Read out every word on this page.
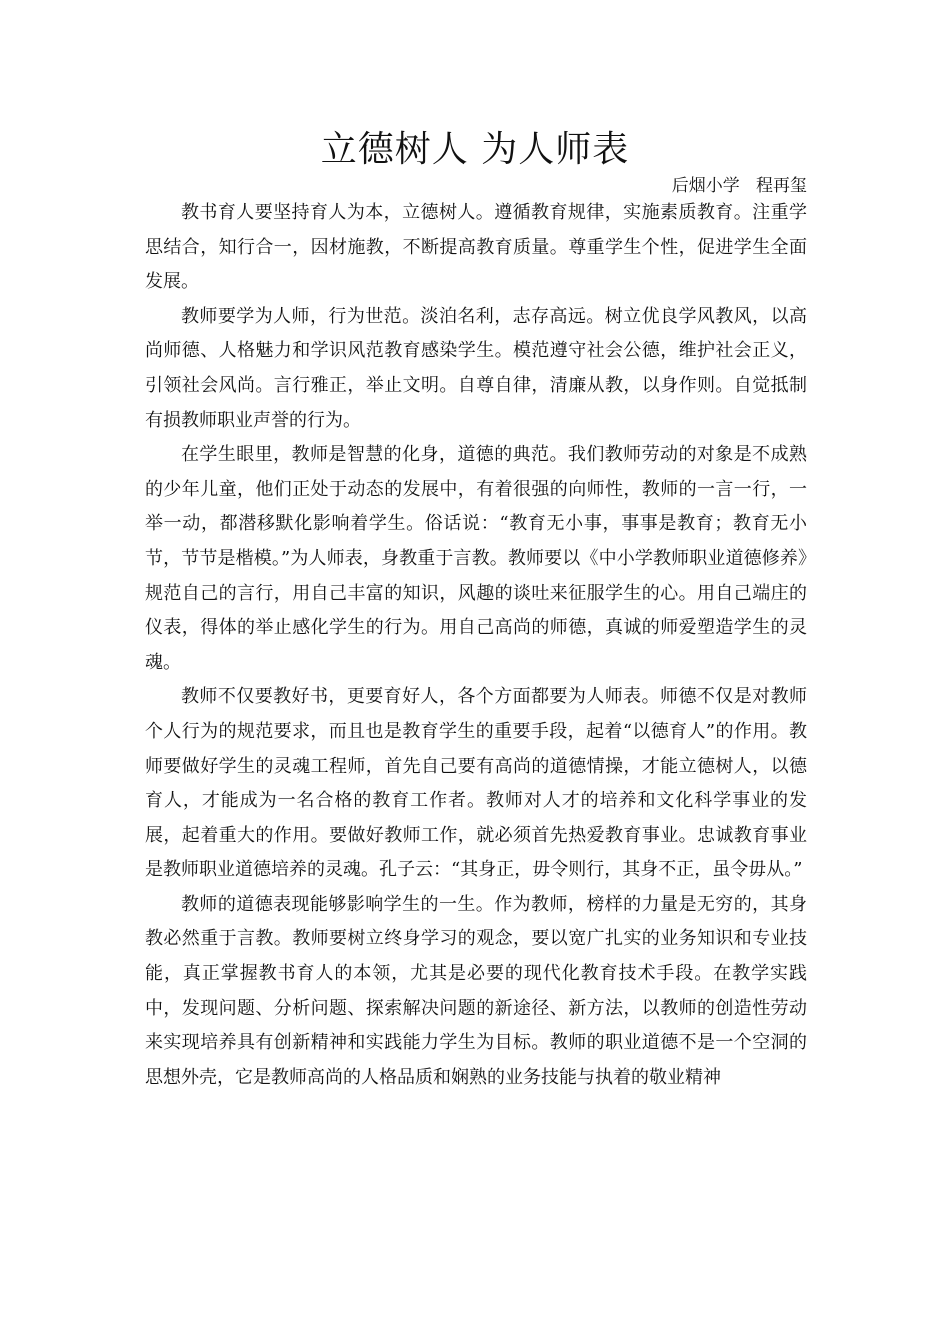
立德树人 为人师表
后烟小学   程再玺

教书育人要坚持育人为本，立德树人。遵循教育规律，实施素质教育。注重学思结合，知行合一，因材施教，不断提高教育质量。尊重学生个性，促进学生全面发展。

教师要学为人师，行为世范。淡泊名利，志存高远。树立优良学风教风，以高尚师德、人格魅力和学识风范教育感染学生。模范遵守社会公德，维护社会正义，引领社会风尚。言行雅正，举止文明。自尊自律，清廉从教，以身作则。自觉抵制有损教师职业声誉的行为。

在学生眼里，教师是智慧的化身，道德的典范。我们教师劳动的对象是不成熟的少年儿童，他们正处于动态的发展中，有着很强的向师性，教师的一言一行，一举一动，都潜移默化影响着学生。俗话说：“教育无小事，事事是教育；教育无小节，节节是楷模。”为人师表，身教重于言教。教师要以《中小学教师职业道德修养》规范自己的言行，用自己丰富的知识，风趣的谈吐来征服学生的心。用自己端庄的仪表，得体的举止感化学生的行为。用自己高尚的师德，真诚的师爱塑造学生的灵魂。

教师不仅要教好书，更要育好人，各个方面都要为人师表。师德不仅是对教师个人行为的规范要求，而且也是教育学生的重要手段，起着“以德育人”的作用。教师要做好学生的灵魂工程师，首先自己要有高尚的道德情操，才能立德树人，以德育人，才能成为一名合格的教育工作者。教师对人才的培养和文化科学事业的发展，起着重大的作用。要做好教师工作，就必须首先热爱教育事业。忠诚教育事业是教师职业道德培养的灵魂。孔子云：“其身正，毋令则行，其身不正，虽令毋从。”

教师的道德表现能够影响学生的一生。作为教师，榜样的力量是无穷的，其身教必然重于言教。教师要树立终身学习的观念，要以宽广扎实的业务知识和专业技能，真正掌握教书育人的本领，尤其是必要的现代化教育技术手段。在教学实践中，发现问题、分析问题、探索解决问题的新途径、新方法，以教师的创造性劳动来实现培养具有创新精神和实践能力学生为目标。教师的职业道德不是一个空洞的思想外壳，它是教师高尚的人格品质和娴熟的业务技能与执着的敬业精神
